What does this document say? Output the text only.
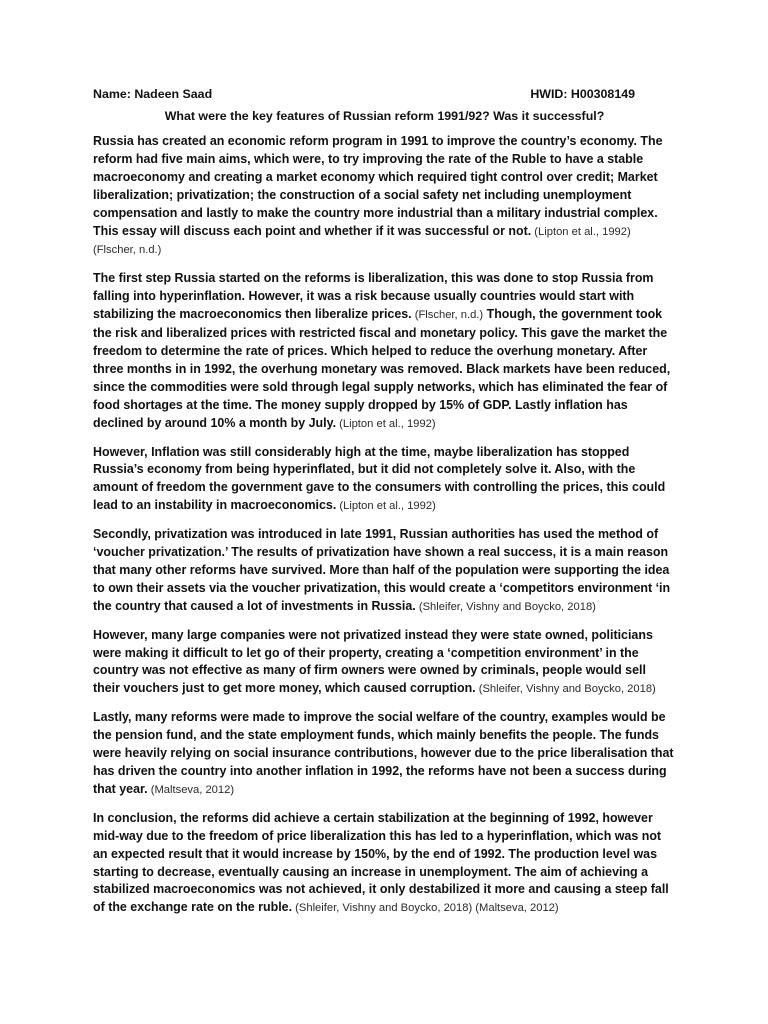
Name: Nadeen Saad	HWID: H00308149
What were the key features of Russian reform 1991/92? Was it successful?

Russia has created an economic reform program in 1991 to improve the country’s economy. The reform had five main aims, which were, to try improving the rate of the Ruble to have a stable macroeconomy and creating a market economy which required tight control over credit; Market liberalization; privatization; the construction of a social safety net including unemployment compensation and lastly to make the country more industrial than a military industrial complex. This essay will discuss each point and whether if it was successful or not. (Lipton et al., 1992) (Flscher, n.d.)

The first step Russia started on the reforms is liberalization, this was done to stop Russia from falling into hyperinflation. However, it was a risk because usually countries would start with stabilizing the macroeconomics then liberalize prices. (Flscher, n.d.) Though, the government took the risk and liberalized prices with restricted fiscal and monetary policy. This gave the market the freedom to determine the rate of prices. Which helped to reduce the overhung monetary. After three months in in 1992, the overhung monetary was removed. Black markets have been reduced, since the commodities were sold through legal supply networks, which has eliminated the fear of food shortages at the time. The money supply dropped by 15% of GDP. Lastly inflation has declined by around 10% a month by July. (Lipton et al., 1992)

However, Inflation was still considerably high at the time, maybe liberalization has stopped Russia’s economy from being hyperinflated, but it did not completely solve it. Also, with the amount of freedom the government gave to the consumers with controlling the prices, this could lead to an instability in macroeconomics. (Lipton et al., 1992)

Secondly, privatization was introduced in late 1991, Russian authorities has used the method of ‘voucher privatization.’ The results of privatization have shown a real success, it is a main reason that many other reforms have survived. More than half of the population were supporting the idea to own their assets via the voucher privatization, this would create a ‘competitors environment ‘in the country that caused a lot of investments in Russia. (Shleifer, Vishny and Boycko, 2018)

However, many large companies were not privatized instead they were state owned, politicians were making it difficult to let go of their property, creating a ‘competition environment’ in the country was not effective as many of firm owners were owned by criminals, people would sell their vouchers just to get more money, which caused corruption. (Shleifer, Vishny and Boycko, 2018)

Lastly, many reforms were made to improve the social welfare of the country, examples would be the pension fund, and the state employment funds, which mainly benefits the people. The funds were heavily relying on social insurance contributions, however due to the price liberalisation that has driven the country into another inflation in 1992, the reforms have not been a success during that year. (Maltseva, 2012)

In conclusion, the reforms did achieve a certain stabilization at the beginning of 1992, however mid-way due to the freedom of price liberalization this has led to a hyperinflation, which was not an expected result that it would increase by 150%, by the end of 1992. The production level was starting to decrease, eventually causing an increase in unemployment. The aim of achieving a stabilized macroeconomics was not achieved, it only destabilized it more and causing a steep fall of the exchange rate on the ruble. (Shleifer, Vishny and Boycko, 2018) (Maltseva, 2012)
